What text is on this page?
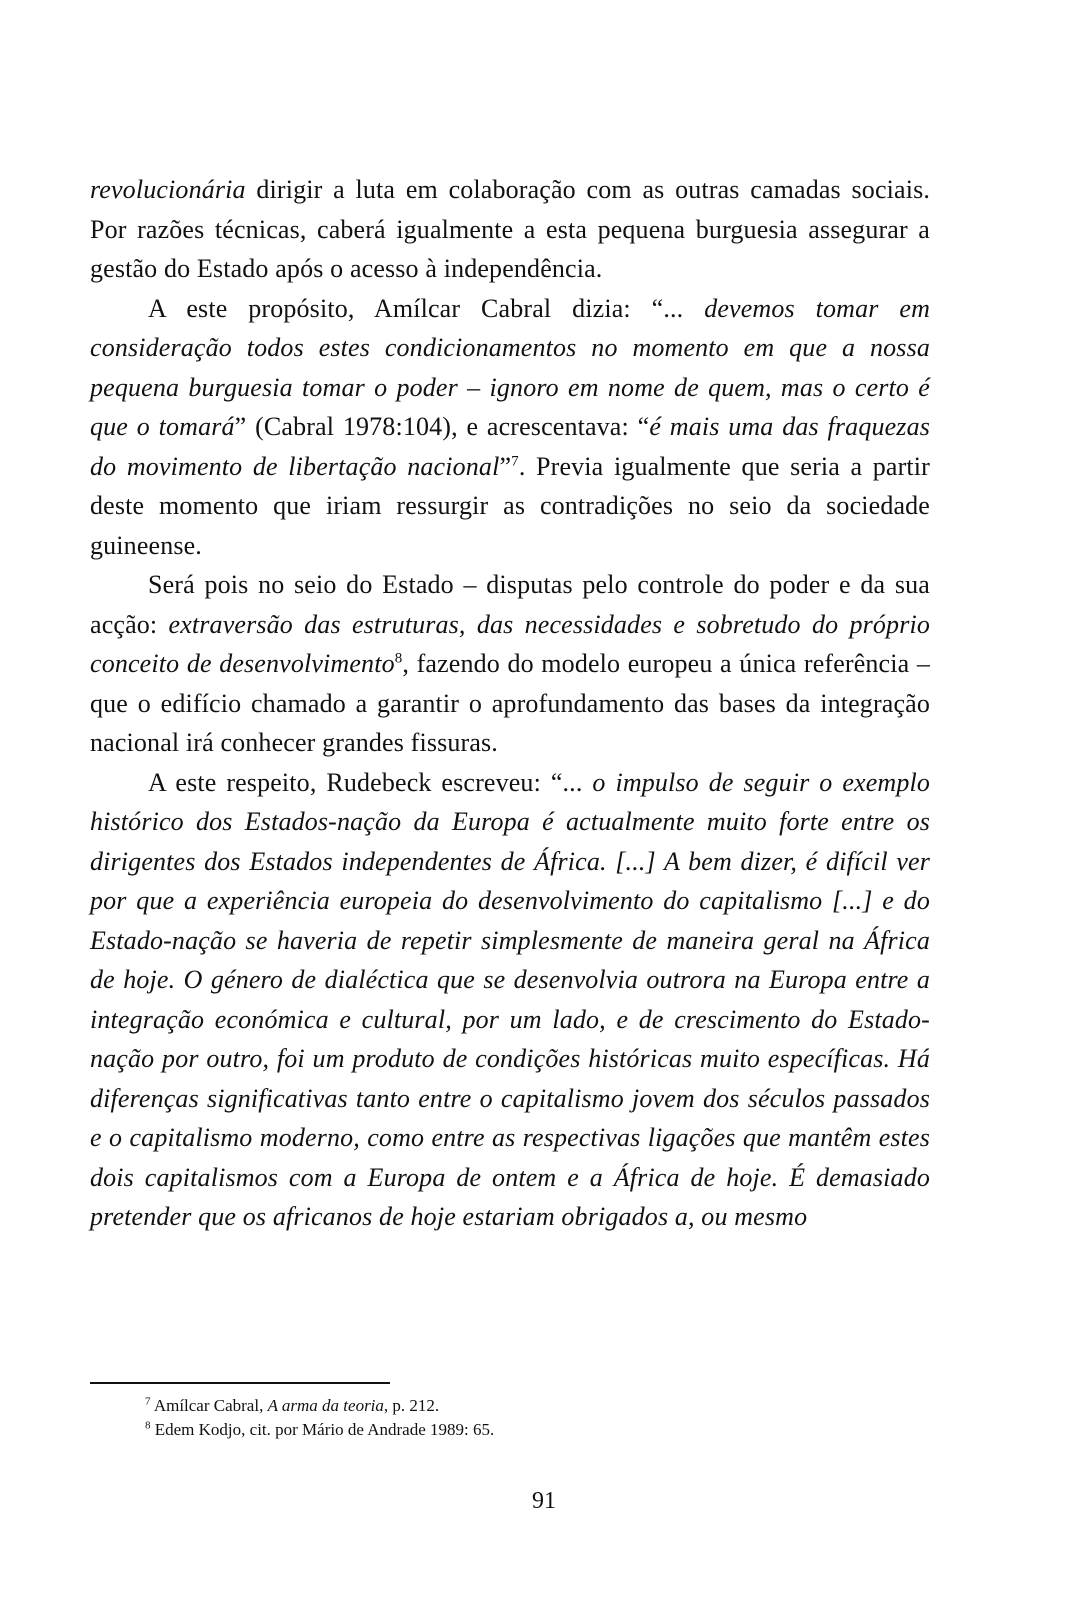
revolucionária dirigir a luta em colaboração com as outras camadas sociais. Por razões técnicas, caberá igualmente a esta pequena burguesia assegurar a gestão do Estado após o acesso à independência.

A este propósito, Amílcar Cabral dizia: “... devemos tomar em consideração todos estes condicionamentos no momento em que a nossa pequena burguesia tomar o poder – ignoro em nome de quem, mas o certo é que o tomará” (Cabral 1978:104), e acrescentava: “é mais uma das fraquezas do movimento de libertação nacional”$^7$. Previa igualmente que seria a partir deste momento que iriam ressurgir as contradições no seio da sociedade guineense.

Será pois no seio do Estado – disputas pelo controle do poder e da sua acção: extraversão das estruturas, das necessidades e sobretudo do próprio conceito de desenvolvimento$^8$, fazendo do modelo europeu a única referência – que o edifício chamado a garantir o aprofundamento das bases da integração nacional irá conhecer grandes fissuras.

A este respeito, Rudebeck escreveu: “... o impulso de seguir o exemplo histórico dos Estados-nação da Europa é actualmente muito forte entre os dirigentes dos Estados independentes de África. [...] A bem dizer, é difícil ver por que a experiência europeia do desenvolvimento do capitalismo [...] e do Estado-nação se haveria de repetir simplesmente de maneira geral na África de hoje. O género de dialéctica que se desenvolvia outrora na Europa entre a integração económica e cultural, por um lado, e de crescimento do Estado-nação por outro, foi um produto de condições históricas muito específicas. Há diferenças significativas tanto entre o capitalismo jovem dos séculos passados e o capitalismo moderno, como entre as respectivas ligações que mantêm estes dois capitalismos com a Europa de ontem e a África de hoje. É demasiado pretender que os africanos de hoje estariam obrigados a, ou mesmo

$^7$ Amílcar Cabral, A arma da teoria, p. 212.

$^8$ Edem Kodjo, cit. por Mário de Andrade 1989: 65.

91
